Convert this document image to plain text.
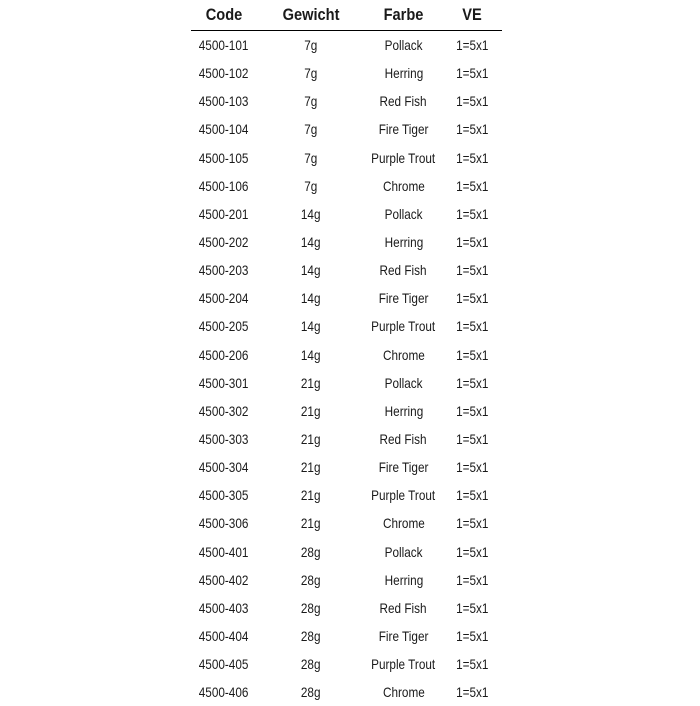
Code	Gewicht	Farbe	VE
4500-101	7g	Pollack	1=5x1
4500-102	7g	Herring	1=5x1
4500-103	7g	Red Fish	1=5x1
4500-104	7g	Fire Tiger	1=5x1
4500-105	7g	Purple Trout	1=5x1
4500-106	7g	Chrome	1=5x1
4500-201	14g	Pollack	1=5x1
4500-202	14g	Herring	1=5x1
4500-203	14g	Red Fish	1=5x1
4500-204	14g	Fire Tiger	1=5x1
4500-205	14g	Purple Trout	1=5x1
4500-206	14g	Chrome	1=5x1
4500-301	21g	Pollack	1=5x1
4500-302	21g	Herring	1=5x1
4500-303	21g	Red Fish	1=5x1
4500-304	21g	Fire Tiger	1=5x1
4500-305	21g	Purple Trout	1=5x1
4500-306	21g	Chrome	1=5x1
4500-401	28g	Pollack	1=5x1
4500-402	28g	Herring	1=5x1
4500-403	28g	Red Fish	1=5x1
4500-404	28g	Fire Tiger	1=5x1
4500-405	28g	Purple Trout	1=5x1
4500-406	28g	Chrome	1=5x1
